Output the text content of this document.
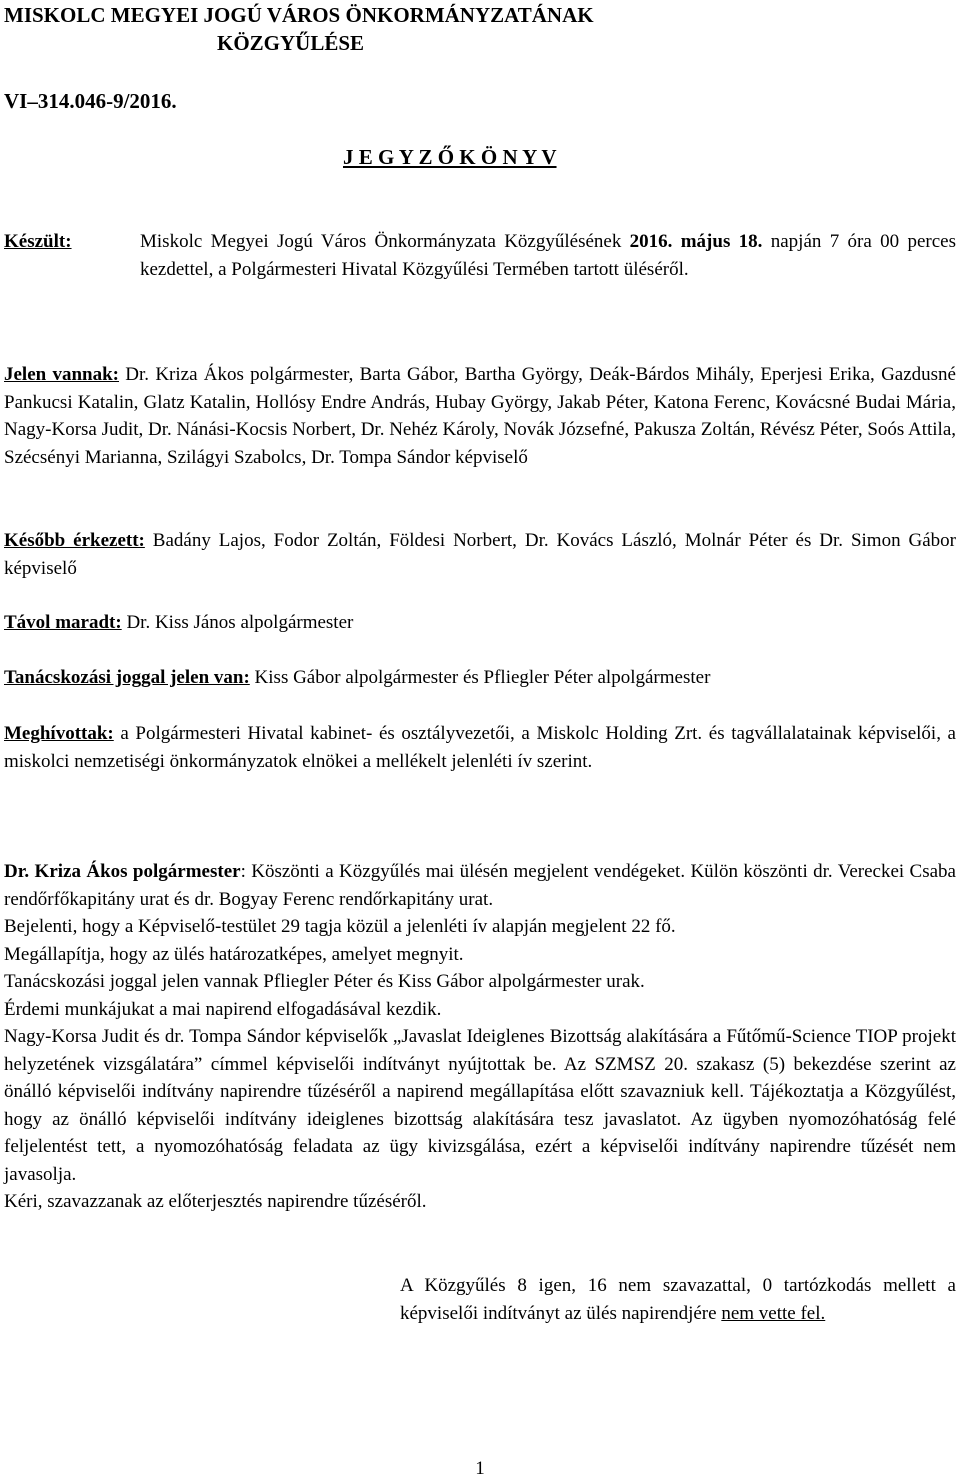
MISKOLC MEGYEI JOGÚ VÁROS ÖNKORMÁNYZATÁNAK
KÖZGYŰLÉSE
VI–314.046-9/2016.
J E G Y Z Ő K Ö N Y V
Készült:	Miskolc Megyei Jogú Város Önkormányzata Közgyűlésének 2016. május 18. napján 7 óra 00 perces kezdettel, a Polgármesteri Hivatal Közgyűlési Termében tartott üléséről.
Jelen vannak: Dr. Kriza Ákos polgármester, Barta Gábor, Bartha György, Deák-Bárdos Mihály, Eperjesi Erika, Gazdusné Pankucsi Katalin, Glatz Katalin, Hollósy Endre András, Hubay György, Jakab Péter, Katona Ferenc, Kovácsné Budai Mária, Nagy-Korsa Judit, Dr. Nánási-Kocsis Norbert, Dr. Nehéz Károly, Novák Józsefné, Pakusza Zoltán, Révész Péter, Soós Attila, Szécsényi Marianna, Szilágyi Szabolcs, Dr. Tompa Sándor képviselő
Később érkezett: Badány Lajos, Fodor Zoltán, Földesi Norbert, Dr. Kovács László, Molnár Péter és Dr. Simon Gábor képviselő
Távol maradt: Dr. Kiss János alpolgármester
Tanácskozási joggal jelen van: Kiss Gábor alpolgármester és Pfliegler Péter alpolgármester
Meghívottak: a Polgármesteri Hivatal kabinet- és osztályvezetői, a Miskolc Holding Zrt. és tagvállalatainak képviselői, a miskolci nemzetiségi önkormányzatok elnökei a mellékelt jelenléti ív szerint.
Dr. Kriza Ákos polgármester: Köszönti a Közgyűlés mai ülésén megjelent vendégeket. Külön köszönti dr. Vereckei Csaba rendőrfőkapitány urat és dr. Bogyay Ferenc rendőrkapitány urat.
Bejelenti, hogy a Képviselő-testület 29 tagja közül a jelenléti ív alapján megjelent 22 fő.
Megállapítja, hogy az ülés határozatképes, amelyet megnyit.
Tanácskozási joggal jelen vannak Pfliegler Péter és Kiss Gábor alpolgármester urak.
Érdemi munkájukat a mai napirend elfogadásával kezdik.
Nagy-Korsa Judit és dr. Tompa Sándor képviselők „Javaslat Ideiglenes Bizottság alakítására a Fűtőmű-Science TIOP projekt helyzetének vizsgálatára” címmel képviselői indítványt nyújtottak be. Az SZMSZ 20. szakasz (5) bekezdése szerint az önálló képviselői indítvány napirendre tűzéséről a napirend megállapítása előtt szavazniuk kell. Tájékoztatja a Közgyűlést, hogy az önálló képviselői indítvány ideiglenes bizottság alakítására tesz javaslatot. Az ügyben nyomozóhatóság felé feljelentést tett, a nyomozóhatóság feladata az ügy kivizsgálása, ezért a képviselői indítvány napirendre tűzését nem javasolja.
Kéri, szavazzanak az előterjesztés napirendre tűzéséről.
A Közgyűlés 8 igen, 16 nem szavazattal, 0 tartózkodás mellett a képviselői indítványt az ülés napirendjére nem vette fel.
1
